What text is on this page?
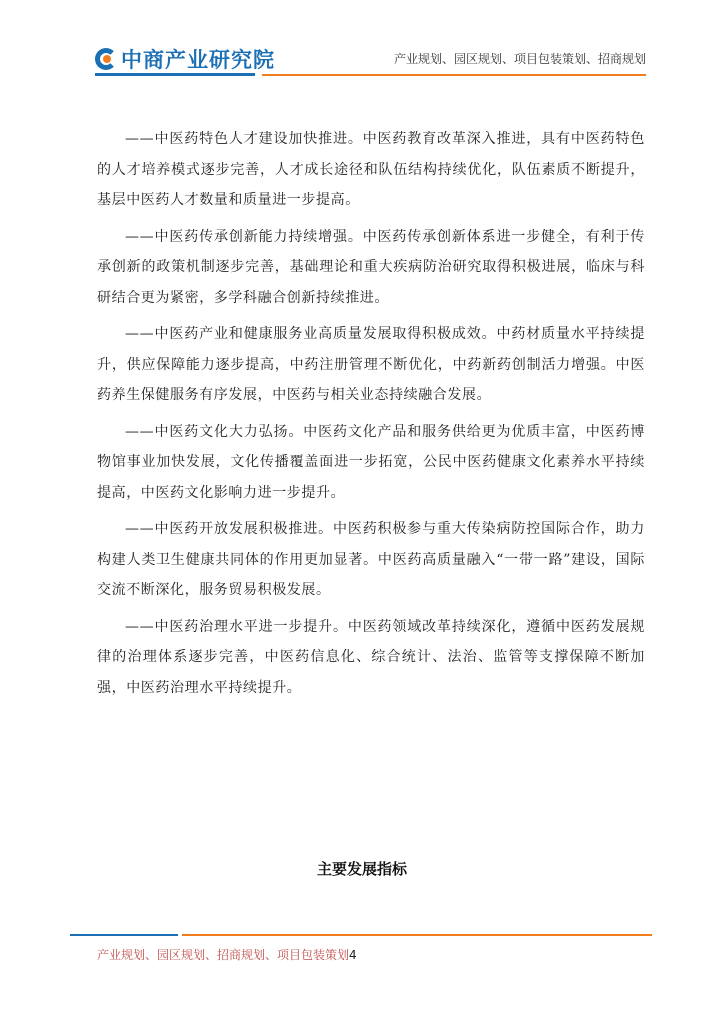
中商产业研究院	产业规划、园区规划、项目包装策划、招商规划

——中医药特色人才建设加快推进。中医药教育改革深入推进，具有中医药特色的人才培养模式逐步完善，人才成长途径和队伍结构持续优化，队伍素质不断提升，基层中医药人才数量和质量进一步提高。

——中医药传承创新能力持续增强。中医药传承创新体系进一步健全，有利于传承创新的政策机制逐步完善，基础理论和重大疾病防治研究取得积极进展，临床与科研结合更为紧密，多学科融合创新持续推进。

——中医药产业和健康服务业高质量发展取得积极成效。中药材质量水平持续提升，供应保障能力逐步提高，中药注册管理不断优化，中药新药创制活力增强。中医药养生保健服务有序发展，中医药与相关业态持续融合发展。

——中医药文化大力弘扬。中医药文化产品和服务供给更为优质丰富，中医药博物馆事业加快发展，文化传播覆盖面进一步拓宽，公民中医药健康文化素养水平持续提高，中医药文化影响力进一步提升。

——中医药开放发展积极推进。中医药积极参与重大传染病防控国际合作，助力构建人类卫生健康共同体的作用更加显著。中医药高质量融入“一带一路”建设，国际交流不断深化，服务贸易积极发展。

——中医药治理水平进一步提升。中医药领域改革持续深化，遵循中医药发展规律的治理体系逐步完善，中医药信息化、综合统计、法治、监管等支撑保障不断加强，中医药治理水平持续提升。

主要发展指标
产业规划、园区规划、招商规划、项目包装策划4
